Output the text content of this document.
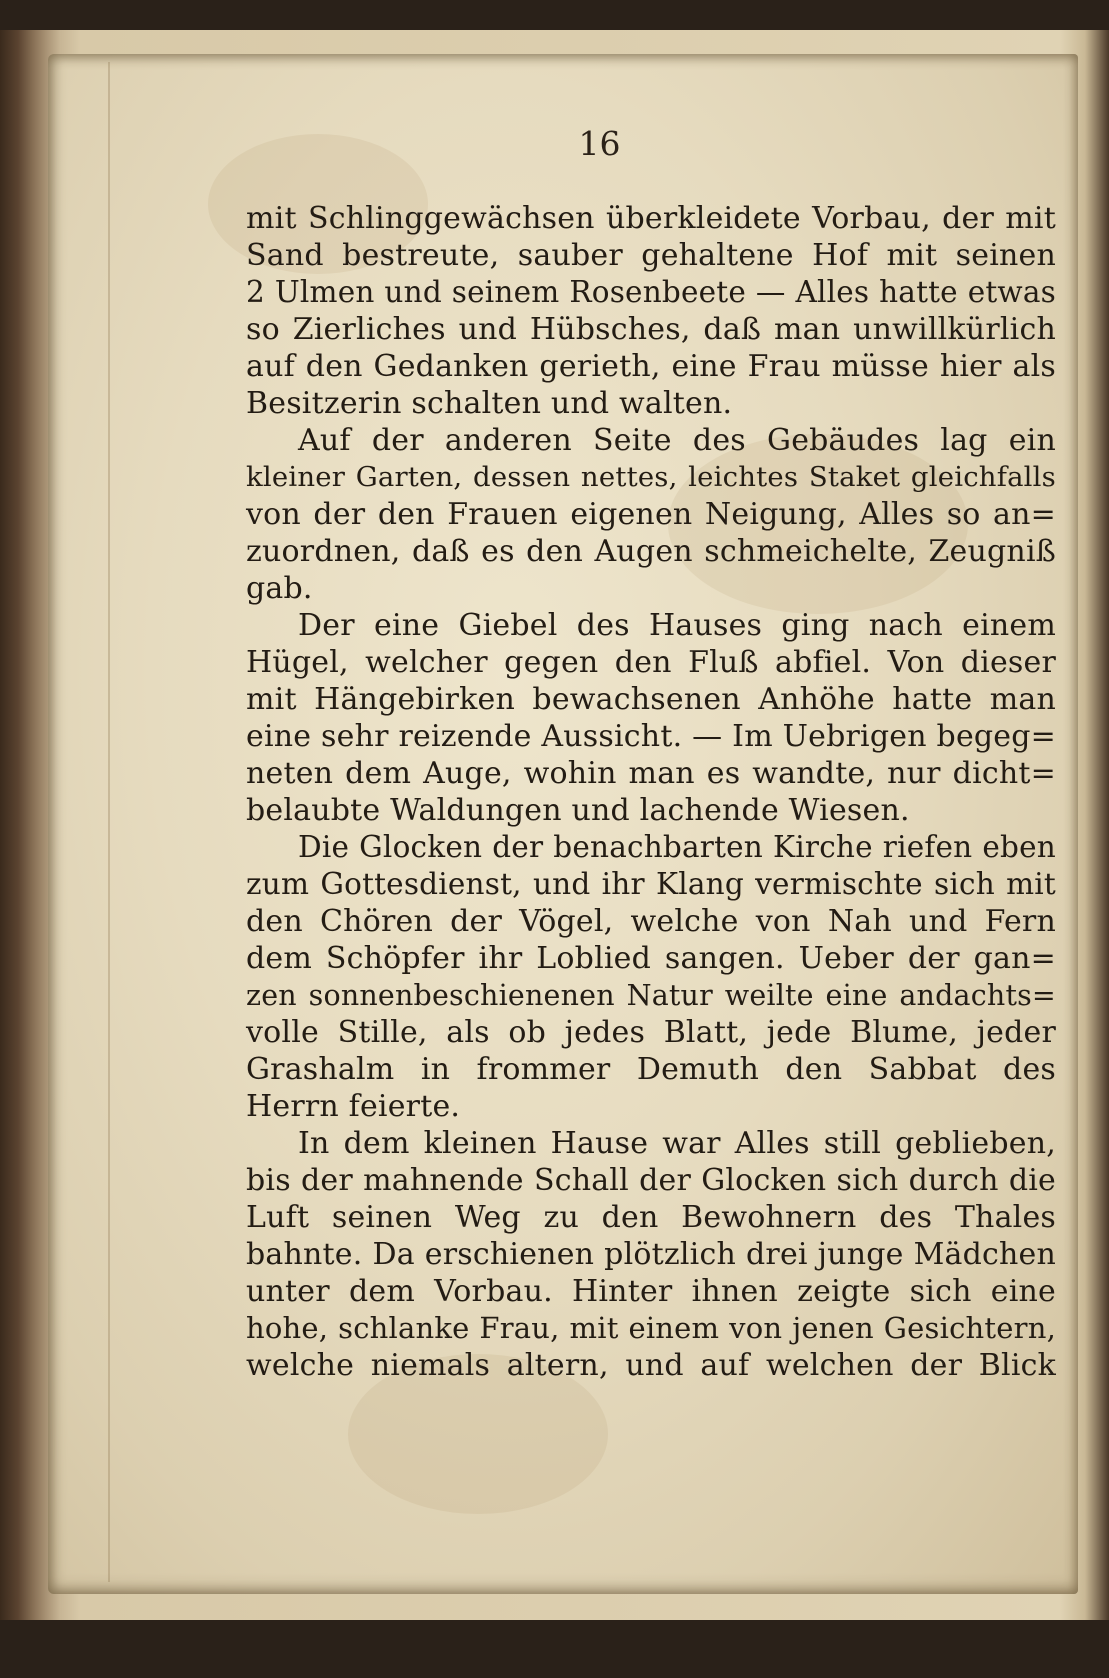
16
mit Schlinggewächsen überkleidete Vorbau, der mit
Sand bestreute, sauber gehaltene Hof mit seinen
2 Ulmen und seinem Rosenbeete — Alles hatte etwas
so Zierliches und Hübsches, daß man unwillkürlich
auf den Gedanken gerieth, eine Frau müsse hier als
Besitzerin schalten und walten.
Auf der anderen Seite des Gebäudes lag ein
kleiner Garten, dessen nettes, leichtes Staket gleichfalls
von der den Frauen eigenen Neigung, Alles so an=
zuordnen, daß es den Augen schmeichelte, Zeugniß
gab.
Der eine Giebel des Hauses ging nach einem
Hügel, welcher gegen den Fluß abfiel. Von dieser
mit Hängebirken bewachsenen Anhöhe hatte man
eine sehr reizende Aussicht. — Im Uebrigen begeg=
neten dem Auge, wohin man es wandte, nur dicht=
belaubte Waldungen und lachende Wiesen.
Die Glocken der benachbarten Kirche riefen eben
zum Gottesdienst, und ihr Klang vermischte sich mit
den Chören der Vögel, welche von Nah und Fern
dem Schöpfer ihr Loblied sangen. Ueber der gan=
zen sonnenbeschienenen Natur weilte eine andachts=
volle Stille, als ob jedes Blatt, jede Blume, jeder
Grashalm in frommer Demuth den Sabbat des
Herrn feierte.
In dem kleinen Hause war Alles still geblieben,
bis der mahnende Schall der Glocken sich durch die
Luft seinen Weg zu den Bewohnern des Thales
bahnte. Da erschienen plötzlich drei junge Mädchen
unter dem Vorbau. Hinter ihnen zeigte sich eine
hohe, schlanke Frau, mit einem von jenen Gesichtern,
welche niemals altern, und auf welchen der Blick
